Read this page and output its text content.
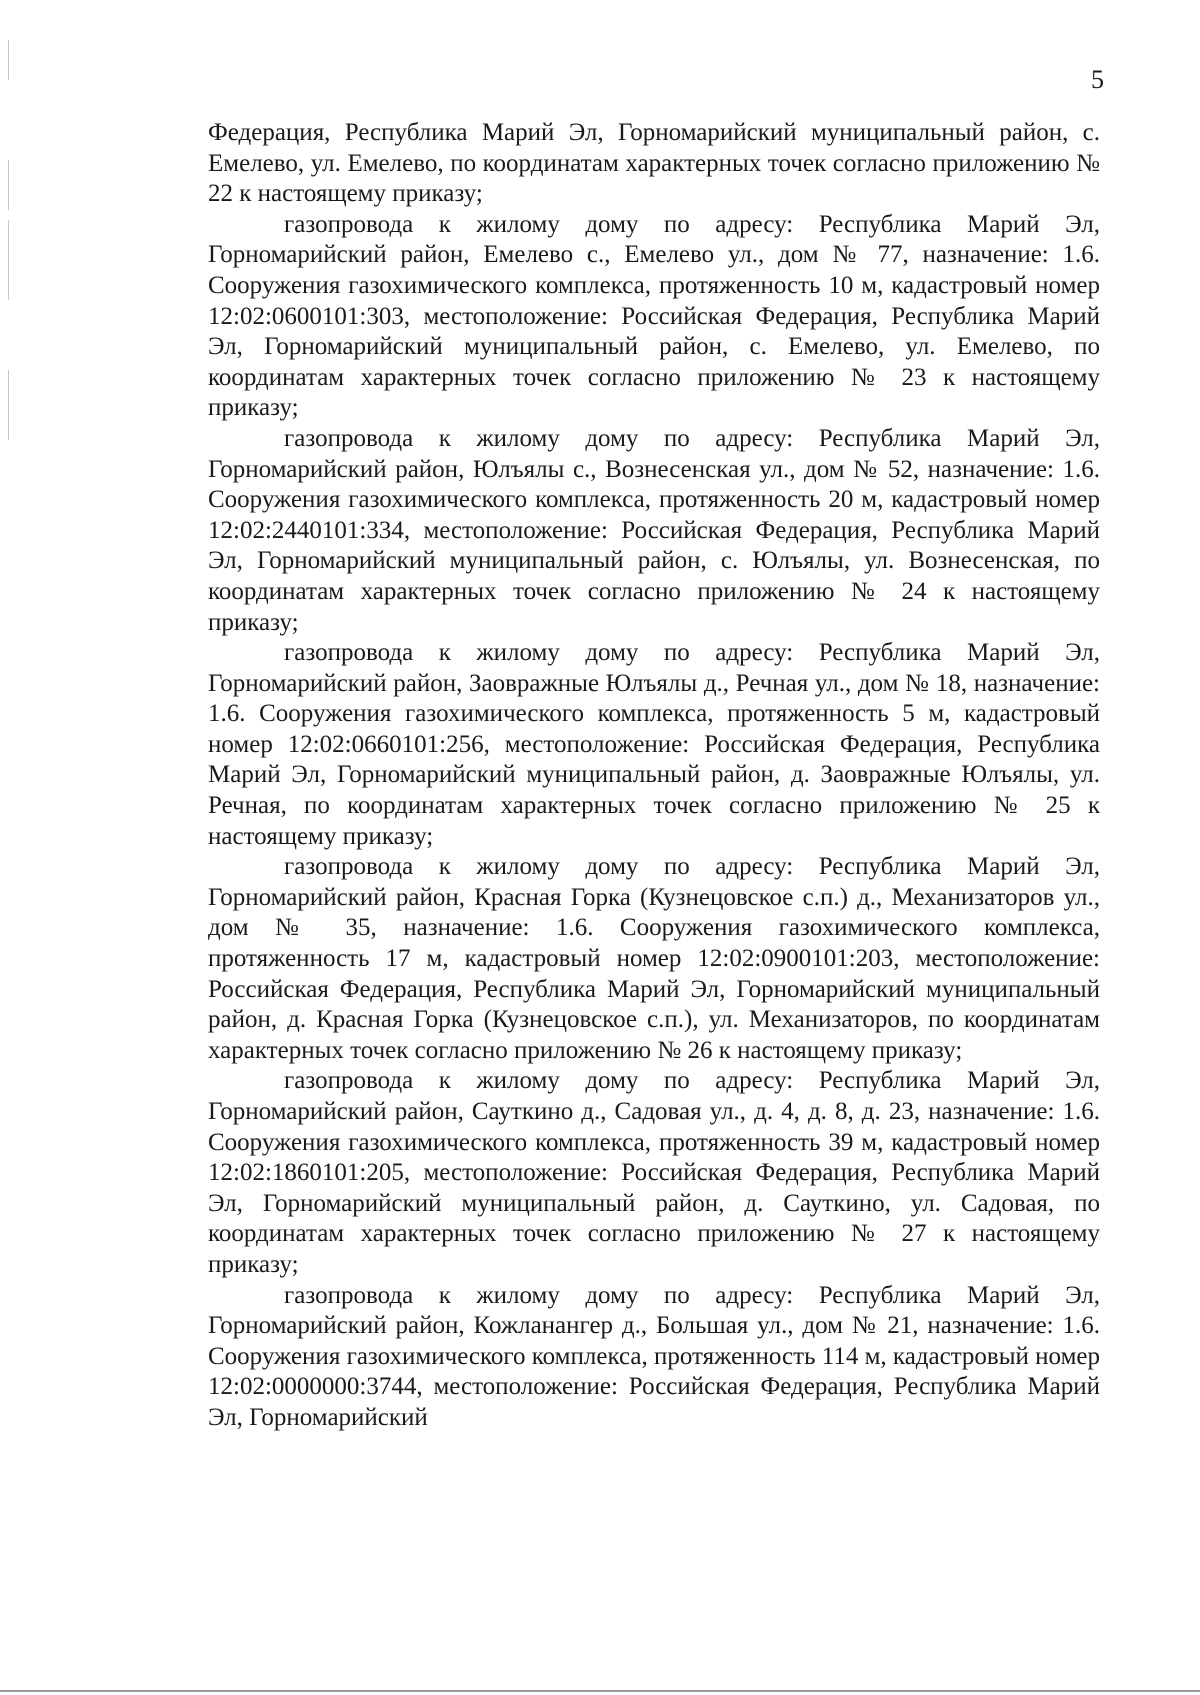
5

Федерация, Республика Марий Эл, Горномарийский муниципальный район, с. Емелево, ул. Емелево, по координатам характерных точек согласно приложению № 22 к настоящему приказу;

газопровода к жилому дому по адресу: Республика Марий Эл, Горномарийский район, Емелево с., Емелево ул., дом № 77, назначение: 1.6. Сооружения газохимического комплекса, протяженность 10 м, кадастровый номер 12:02:0600101:303, местоположение: Российская Федерация, Республика Марий Эл, Горномарийский муниципальный район, с. Емелево, ул. Емелево, по координатам характерных точек согласно приложению № 23 к настоящему приказу;

газопровода к жилому дому по адресу: Республика Марий Эл, Горномарийский район, Юлъялы с., Вознесенская ул., дом № 52, назначение: 1.6. Сооружения газохимического комплекса, протяженность 20 м, кадастровый номер 12:02:2440101:334, местоположение: Российская Федерация, Республика Марий Эл, Горномарийский муниципальный район, с. Юлъялы, ул. Вознесенская, по координатам характерных точек согласно приложению № 24 к настоящему приказу;

газопровода к жилому дому по адресу: Республика Марий Эл, Горномарийский район, Заовражные Юлъялы д., Речная ул., дом № 18, назначение: 1.6. Сооружения газохимического комплекса, протяженность 5 м, кадастровый номер 12:02:0660101:256, местоположение: Российская Федерация, Республика Марий Эл, Горномарийский муниципальный район, д. Заовражные Юлъялы, ул. Речная, по координатам характерных точек согласно приложению № 25 к настоящему приказу;

газопровода к жилому дому по адресу: Республика Марий Эл, Горномарийский район, Красная Горка (Кузнецовское с.п.) д., Механизаторов ул., дом № 35, назначение: 1.6. Сооружения газохимического комплекса, протяженность 17 м, кадастровый номер 12:02:0900101:203, местоположение: Российская Федерация, Республика Марий Эл, Горномарийский муниципальный район, д. Красная Горка (Кузнецовское с.п.), ул. Механизаторов, по координатам характерных точек согласно приложению № 26 к настоящему приказу;

газопровода к жилому дому по адресу: Республика Марий Эл, Горномарийский район, Сауткино д., Садовая ул., д. 4, д. 8, д. 23, назначение: 1.6. Сооружения газохимического комплекса, протяженность 39 м, кадастровый номер 12:02:1860101:205, местоположение: Российская Федерация, Республика Марий Эл, Горномарийский муниципальный район, д. Сауткино, ул. Садовая, по координатам характерных точек согласно приложению № 27 к настоящему приказу;

газопровода к жилому дому по адресу: Республика Марий Эл, Горномарийский район, Кожланангер д., Большая ул., дом № 21, назначение: 1.6. Сооружения газохимического комплекса, протяженность 114 м, кадастровый номер 12:02:0000000:3744, местоположение: Российская Федерация, Республика Марий Эл, Горномарийский
